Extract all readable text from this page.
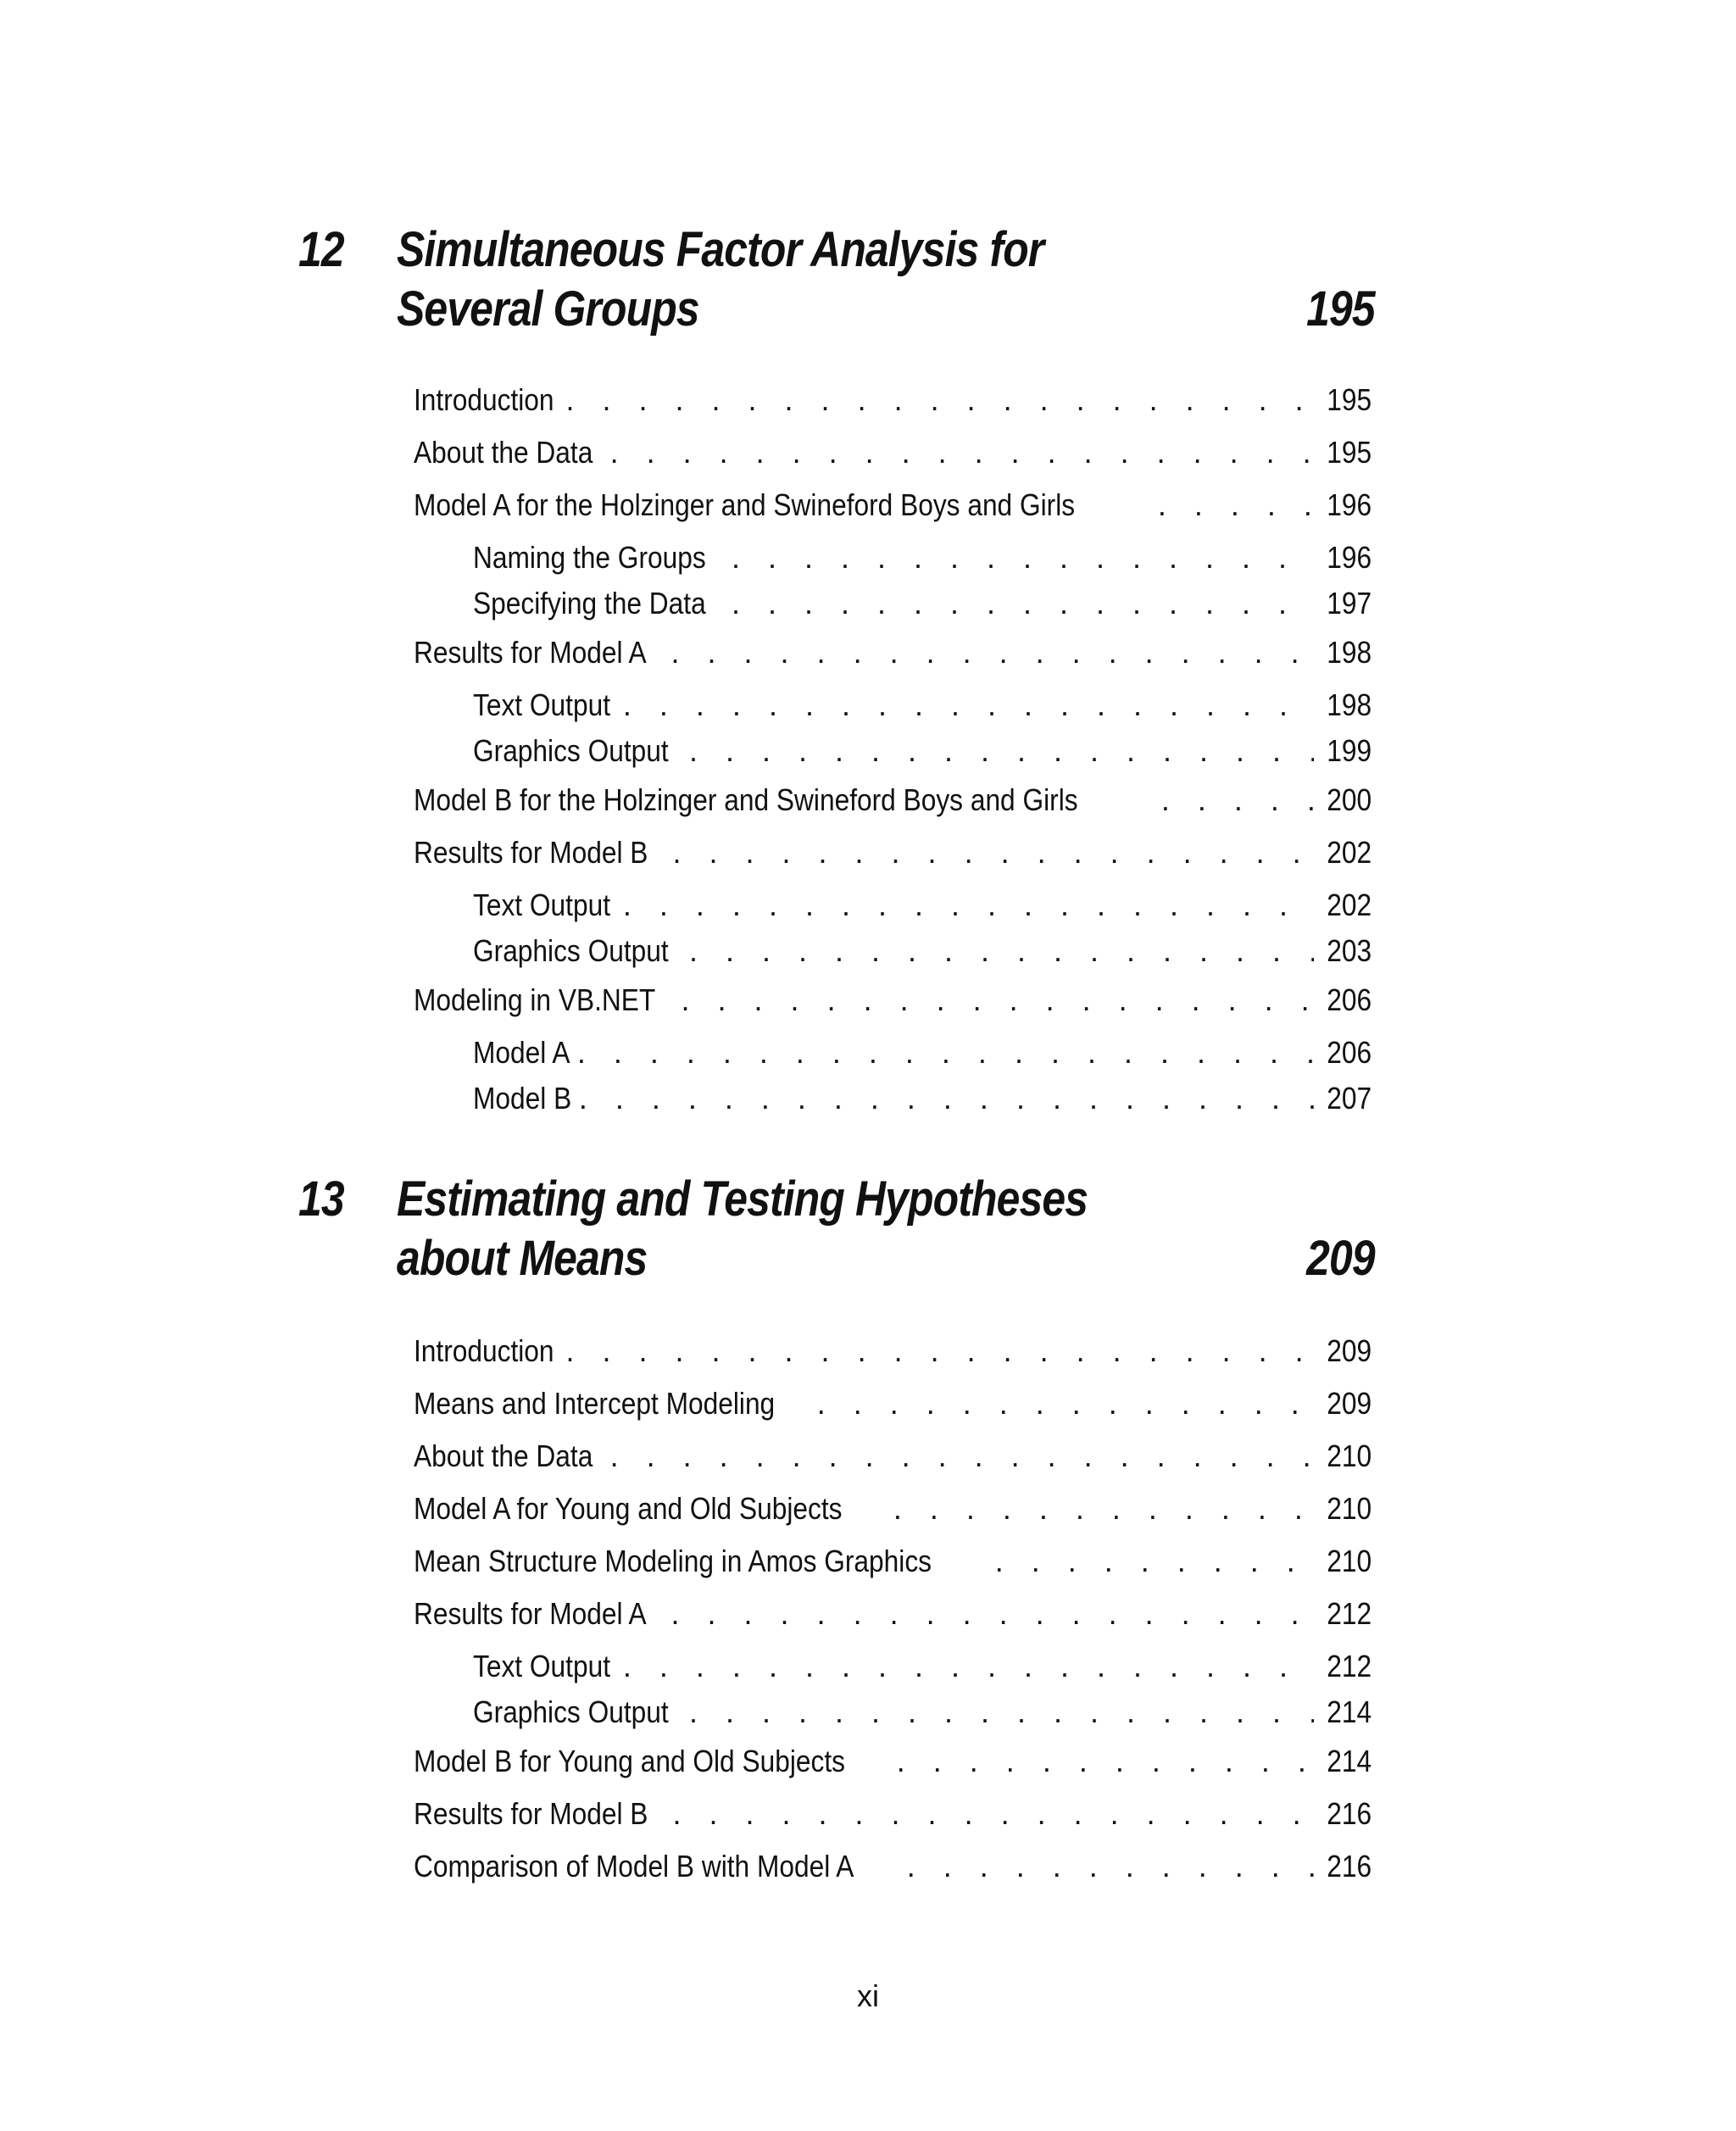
12 Simultaneous Factor Analysis for
Several Groups	195
Introduction . . .	195
About the Data . . .	195
Model A for the Holzinger and Swineford Boys and Girls . . .	196
Naming the Groups . . .	196
Specifying the Data . . .	197
Results for Model A . . .	198
Text Output . . .	198
Graphics Output . . .	199
Model B for the Holzinger and Swineford Boys and Girls . . .	200
Results for Model B . . .	202
Text Output . . .	202
Graphics Output . . .	203
Modeling in VB.NET . . .	206
Model A . . .	206
Model B . . .	207
13 Estimating and Testing Hypotheses
about Means	209
Introduction . . .	209
Means and Intercept Modeling . . .	209
About the Data . . .	210
Model A for Young and Old Subjects . . .	210
Mean Structure Modeling in Amos Graphics . . .	210
Results for Model A . . .	212
Text Output . . .	212
Graphics Output . . .	214
Model B for Young and Old Subjects . . .	214
Results for Model B . . .	216
Comparison of Model B with Model A . . .	216
xi
